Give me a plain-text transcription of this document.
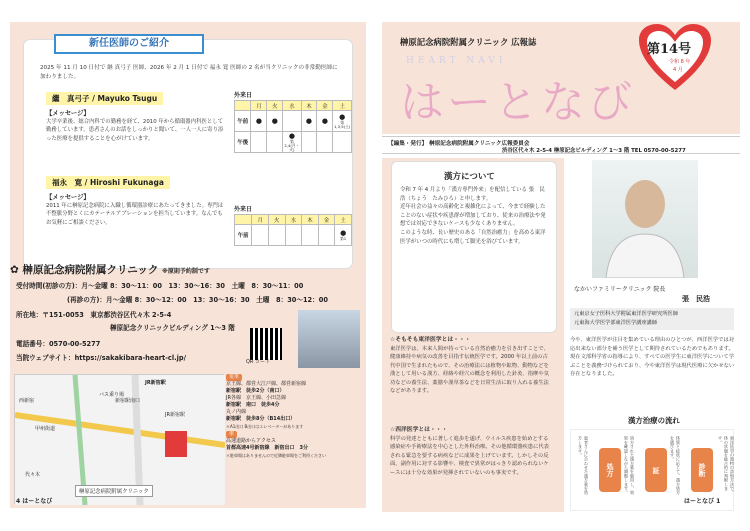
新任医師のご紹介
2025 年 11 月 10 日付で 継 真弓子 医師、2026 年 2 月 1 日付で 福永 寛 医師の 2 名が当クリニックの非常勤医師に加わりました。
繼　真弓子 / Mayuko Tsugu
【メッセージ】
大学卒業後、総合内科での勤務を経て、2010 年から循環器内科医として勤務しています。患者さんのお話をしっかりと聞いて、一人一人に寄り添った医療を提供することを心がけています。
外来日
	月	火	水	木	金	土
午前	●	●		●	●	●
第1,3,5(土)

午後			●
第2,4(月・火)			

福永　寛 / Hiroshi Fukunaga
【メッセージ】
2011 年に榊原記念病院に入職し循環器診療にあたってきました。専門は不整脈分野とくにカテーテルアブレーションを担当しています。なんでもお気軽にご相談ください。
外来日
	月	火	水	木	金	土
午前						●
第1
✿ 榊原記念病院附属クリニック ※原則予約制です
受付時間(初診の方)：月～金曜 8：30～11：00　13：30～16：30　土曜　8：30～11：00
(再診の方)：月～金曜 8：30～12：00　13：30～16：30　土曜　8：30～12：00
所在地：〒151-0053　東京都渋谷区代々木 2-5-4
榊原記念クリニックビルディング 1～3 階
電話番号：0570-00-5277
当院ウェブサイト：https://sakakibara-heart-cl.jp/	QR コード
JR新宿駅
JR新宿駅
甲州街道
新宿駅南口
西新宿
代々木
バス乗り場
榊原記念病院附属クリニック
電車
京王線、都営大江戸線、都営新宿線
新宿駅　徒歩2分（南口）
JR各線　京王線、小田急線
新宿駅　南口　徒歩4分
丸ノ内線
新宿駅　徒歩8分（B14出口）
＊A1出口 B出口はエレベーターがあります
車
高速道路からアクセス
首都高速4号新宿線　新宿出口　3分
＊駐車場はありませんので近隣駐車場をご利用ください
4 はーとなび
榊原記念病院附属クリニック 広報誌
HEART NAVI
はーとなび
第14号
令和 8 年
4 月
【編集・発行】 榊原記念病院附属クリニック広報委員会
渋谷区代々木 2-5-4 榊原記念ビルディング 1～3 階 TEL 0570-00-5277
漢方について

令和 7 年 4 月より「漢方専門外来」を配信している 張　民浩（ちょう　たみひろ）と申します。

近年社会の益々の高齢化と複雑化によって、今まで経験したことのない症状や疾患群が増加しており、従来の治療法や発想では対応できないケースも少なくありません。

このような時、長い歴史のある「自然治癒力」を高める東洋医学がいつの時代にも増して脚光を浴びています。

☆そもそも東洋医学とは・・・
東洋医学は、本来人間が持っている自然治癒力を引き出すことで、健康維持や病気の改善を目指す伝統医学です。2000 年以上前の古代中国で生まれたもので、その治療法には植物や鉱物、動物などを漢として用いる漢方、経絡や経穴の概念を利用した針灸、指摩や気功などの養生法、薬膳や漢草茶などを日常生活に取り入れる養生法などがあります。
☆西洋医学とは・・・
科学の発達とともに著しく進歩を遂げ、ウイルス疾患を始めとする感染症や手術療法を中心とした外科治療。その他循環器疾患に代表される緊急を要する病疾などに成果を上げています。しかしその反面、副作用に対する影響や、検査で異常がはっきり認められないケースには十分な効果が発揮されていないのも事実です。
なかいファミリークリニック 院長
張　民浩
元東京女子医科大学附属東洋医学研究所医師
元東海大学医学部東洋医学講座講師
今や、東洋医学が注目を集めている理由のひとつが、西洋医学では対応出来ない部分を補う医学として期待されているためでもあります。現在文部科学省の指導により、すべての医学生に東洋医学について学ぶことを義務づけられており、今や東洋医学は現代医療に欠かせない存在となりました。
漢方治療の流れ
東洋医学の独特の診察方法で、体の状態を総合的に判断します。
診断
体質と症状に応じて、漢方処方を選びます。
証
処方された漢方薬を服用し、効果を確認しながら調整します。
処方
患者さんに合わせた漢方薬を処方します。
はーとなび 1
